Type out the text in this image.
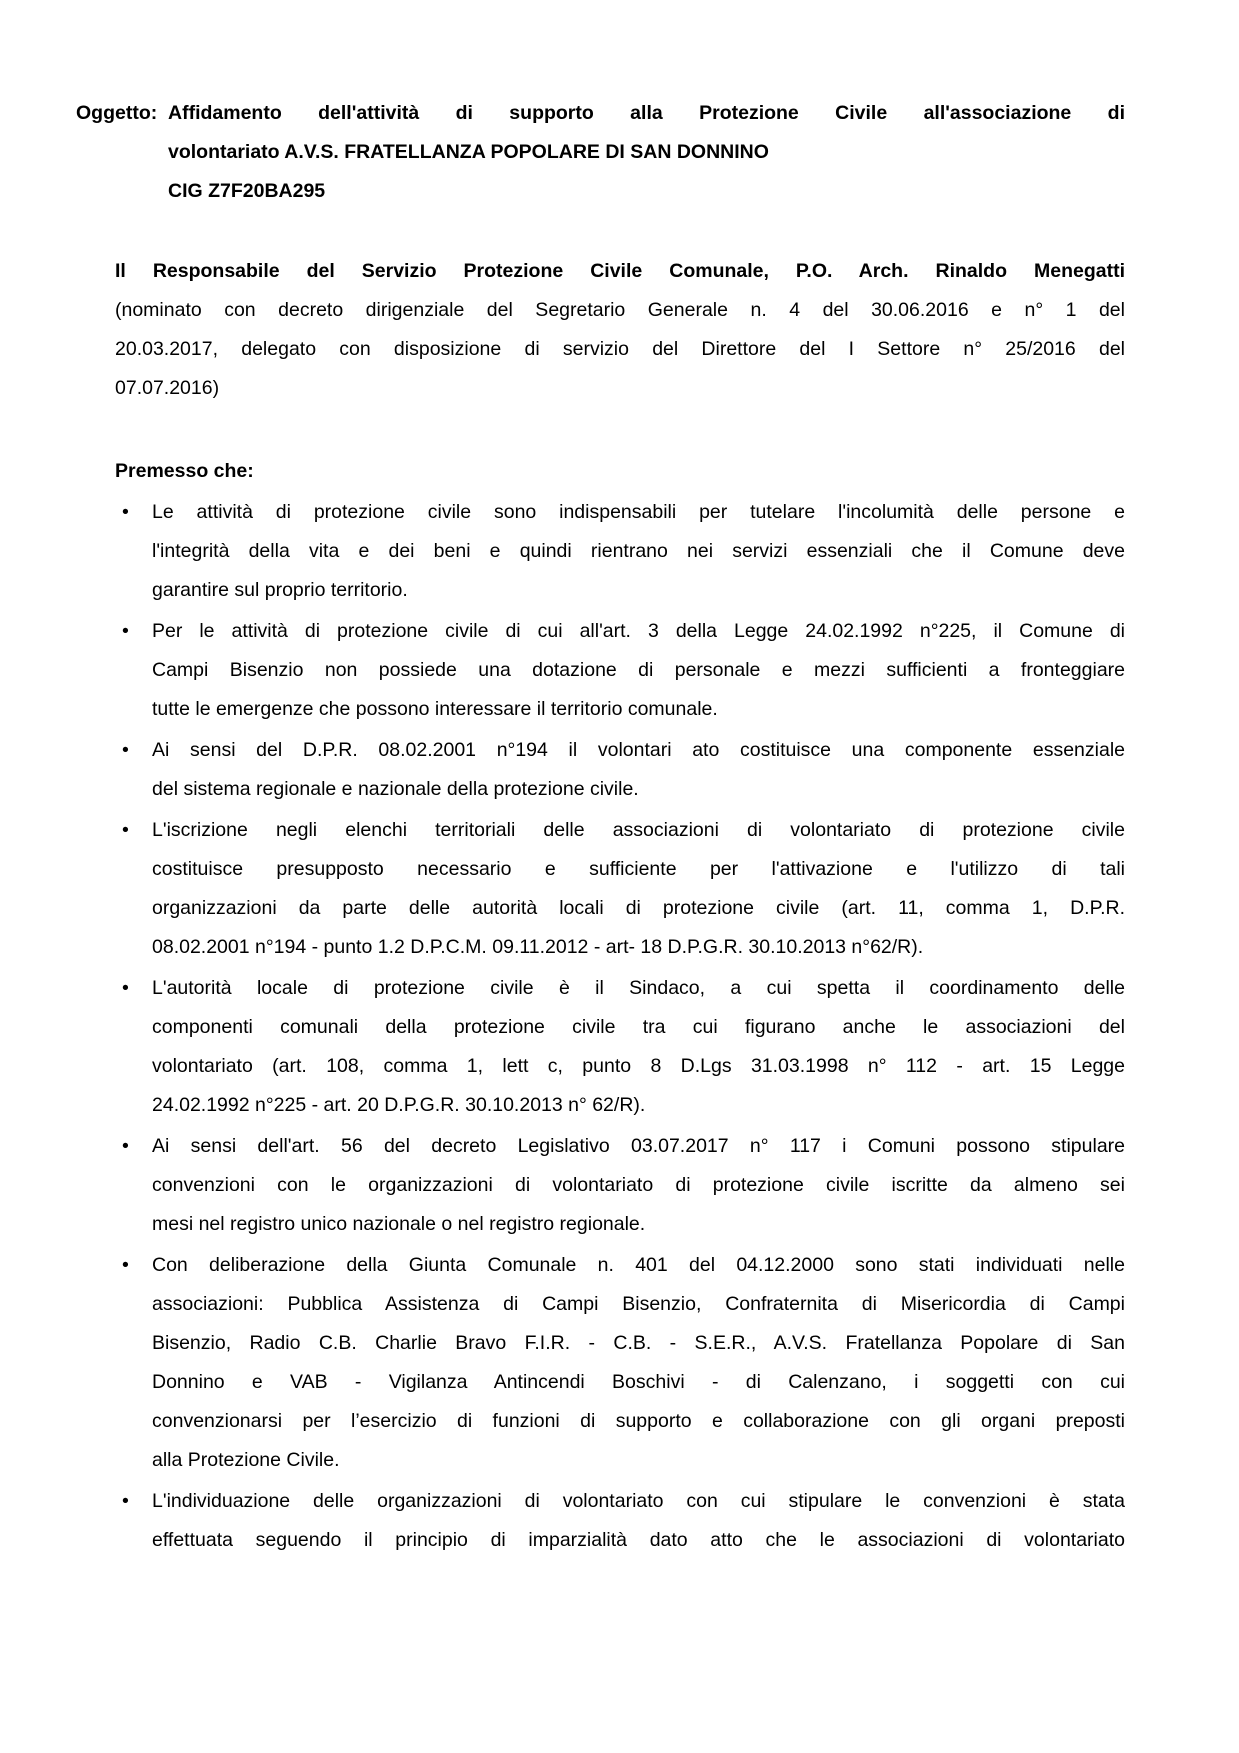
Oggetto: Affidamento dell'attività di supporto alla Protezione Civile all'associazione di
volontariato A.V.S. FRATELLANZA POPOLARE DI SAN DONNINO
CIG Z7F20BA295
Il Responsabile del Servizio Protezione Civile Comunale, P.O. Arch. Rinaldo Menegatti
(nominato con decreto dirigenziale del Segretario Generale n. 4 del 30.06.2016 e n° 1 del
20.03.2017, delegato con disposizione di servizio del Direttore del I Settore n° 25/2016 del
07.07.2016)
Premesso che:
• Le attività di protezione civile sono indispensabili per tutelare l'incolumità delle persone e
l'integrità della vita e dei beni e quindi rientrano nei servizi essenziali che il Comune deve
garantire sul proprio territorio.
• Per le attività di protezione civile di cui all'art. 3 della Legge 24.02.1992 n°225, il Comune di
Campi Bisenzio non possiede una dotazione di personale e mezzi sufficienti a fronteggiare
tutte le emergenze che possono interessare il territorio comunale.
• Ai sensi del D.P.R. 08.02.2001 n°194 il volontari ato costituisce una componente essenziale
del sistema regionale e nazionale della protezione civile.
• L'iscrizione negli elenchi territoriali delle associazioni di volontariato di protezione civile
costituisce presupposto necessario e sufficiente per l'attivazione e l'utilizzo di tali
organizzazioni da parte delle autorità locali di protezione civile (art. 11, comma 1, D.P.R.
08.02.2001 n°194 - punto 1.2 D.P.C.M. 09.11.2012 - art- 18 D.P.G.R. 30.10.2013 n°62/R).
• L'autorità locale di protezione civile è il Sindaco, a cui spetta il coordinamento delle
componenti comunali della protezione civile tra cui figurano anche le associazioni del
volontariato (art. 108, comma 1, lett c, punto 8 D.Lgs 31.03.1998 n° 112 - art. 15 Legge
24.02.1992 n°225 - art. 20 D.P.G.R. 30.10.2013 n° 62/R).
• Ai sensi dell'art. 56 del decreto Legislativo 03.07.2017 n° 117 i Comuni possono stipulare
convenzioni con le organizzazioni di volontariato di protezione civile iscritte da almeno sei
mesi nel registro unico nazionale o nel registro regionale.
• Con deliberazione della Giunta Comunale n. 401 del 04.12.2000 sono stati individuati nelle
associazioni: Pubblica Assistenza di Campi Bisenzio, Confraternita di Misericordia di Campi
Bisenzio, Radio C.B. Charlie Bravo F.I.R. - C.B. - S.E.R., A.V.S. Fratellanza Popolare di San
Donnino e VAB - Vigilanza Antincendi Boschivi - di Calenzano, i soggetti con cui
convenzionarsi per l’esercizio di funzioni di supporto e collaborazione con gli organi preposti
alla Protezione Civile.
• L'individuazione delle organizzazioni di volontariato con cui stipulare le convenzioni è stata
effettuata seguendo il principio di imparzialità dato atto che le associazioni di volontariato
